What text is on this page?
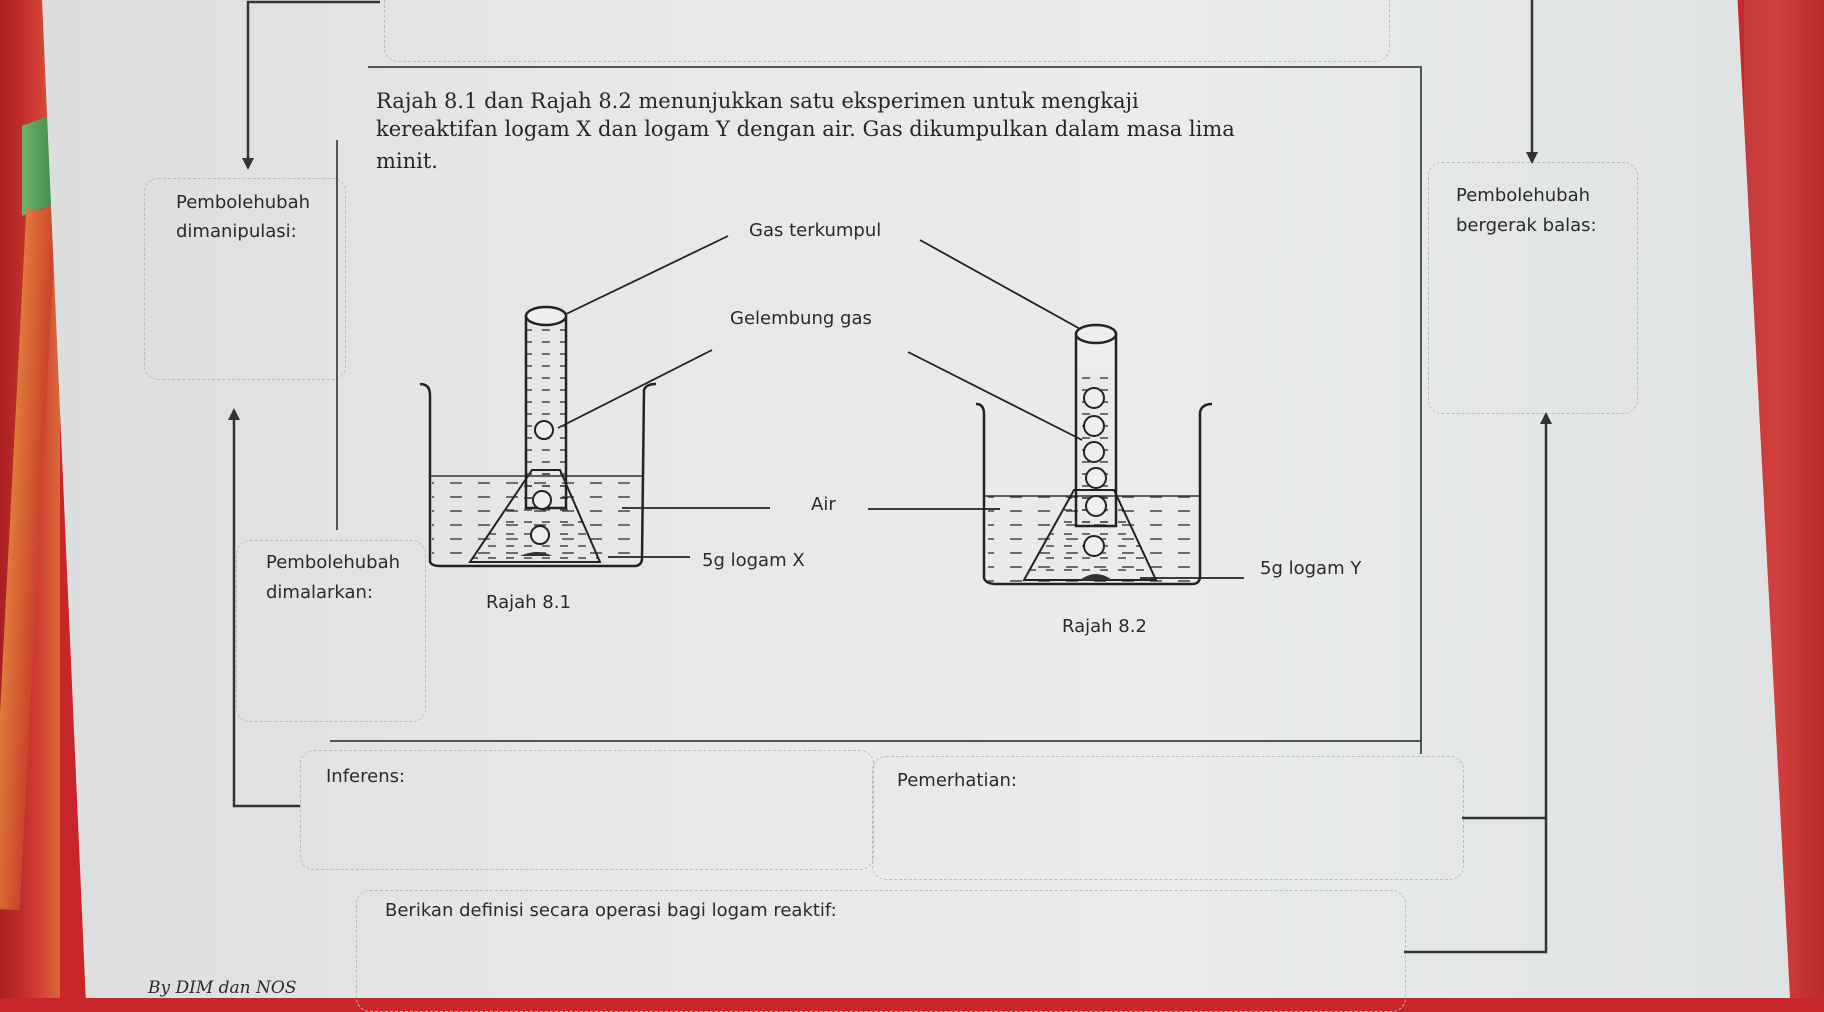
Rajah 8.1 dan Rajah 8.2 menunjukkan satu eksperimen untuk mengkaji
kereaktifan logam X dan logam Y dengan air. Gas dikumpulkan dalam masa lima
minit.
Gas terkumpul
Gelembung gas
Air
5g logam X	5g logam Y
Rajah 8.1
Rajah 8.2
Pembolehubah
dimanipulasi:
Pembolehubah
bergerak balas:
Pembolehubah
dimalarkan:
Inferens:	Pemerhatian:
Berikan definisi secara operasi bagi logam reaktif:
By DIM dan NOS
